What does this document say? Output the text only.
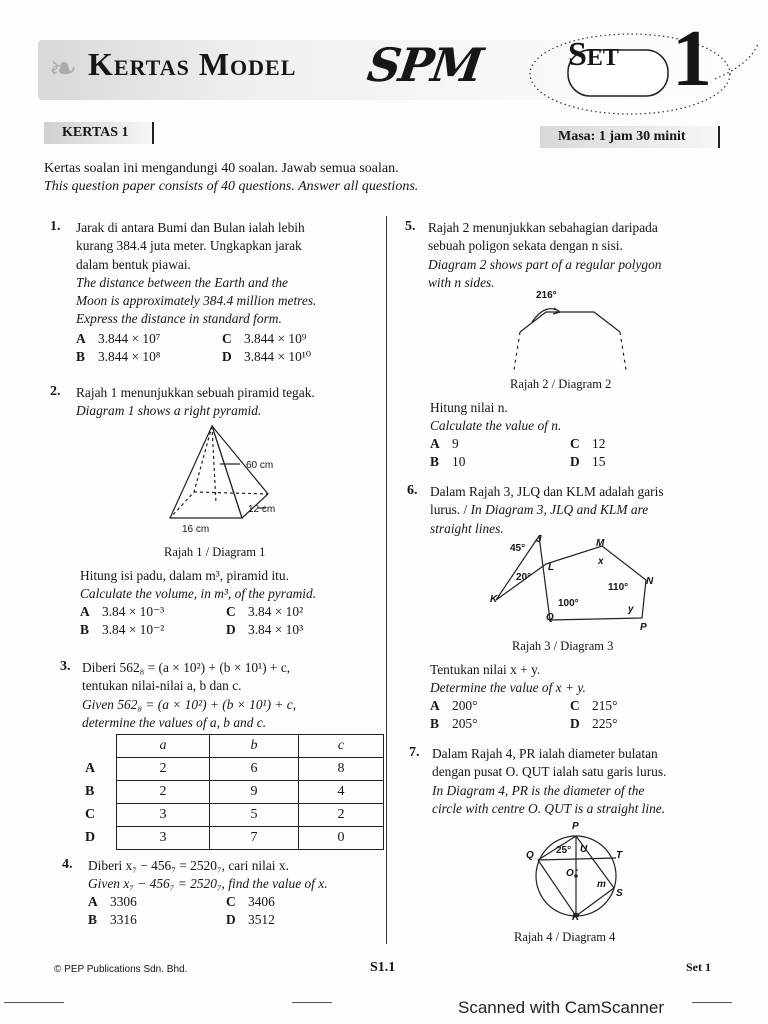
❧ Kertas Model SPM Set 1
KERTAS 1	Masa: 1 jam 30 minit
Kertas soalan ini mengandungi 40 soalan. Jawab semua soalan.
This question paper consists of 40 questions. Answer all questions.
1. Jarak di antara Bumi dan Bulan ialah lebih
kurang 384.4 juta meter. Ungkapkan jarak
dalam bentuk piawai.
The distance between the Earth and the
Moon is approximately 384.4 million metres.
Express the distance in standard form.
A 3.844 × 10⁷	C 3.844 × 10⁹
B 3.844 × 10⁸	D 3.844 × 10¹⁰
2. Rajah 1 menunjukkan sebuah piramid tegak.
Diagram 1 shows a right pyramid.
60 cm
12 cm
16 cm
Rajah 1 / Diagram 1
Hitung isi padu, dalam m³, piramid itu.
Calculate the volume, in m³, of the pyramid.
A 3.84 × 10⁻³	C 3.84 × 10²
B 3.84 × 10⁻²	D 3.84 × 10³
3. Diberi 562₈ = (a × 10²) + (b × 10¹) + c,
tentukan nilai-nilai a, b dan c.
Given 562₈ = (a × 10²) + (b × 10¹) + c,
determine the values of a, b and c.
	a	b	c
A	2	6	8
B	2	9	4
C	3	5	2
D	3	7	0
4. Diberi x₇ − 456₇ = 2520₇, cari nilai x.
Given x₇ − 456₇ = 2520₇, find the value of x.
A 3306	C 3406
B 3316	D 3512
5. Rajah 2 menunjukkan sebahagian daripada
sebuah poligon sekata dengan n sisi.
Diagram 2 shows part of a regular polygon
with n sides.
216°
Rajah 2 / Diagram 2
Hitung nilai n.
Calculate the value of n.
A 9	C 12
B 10	D 15
6. Dalam Rajah 3, JLQ dan KLM adalah garis
lurus. / In Diagram 3, JLQ and KLM are
straight lines.
J
45°	M
x
L
20°
110°
N
K	100°
y
Q
P
Rajah 3 / Diagram 3
Tentukan nilai x + y.
Determine the value of x + y.
A 200°	C 215°
B 205°	D 225°
7. Dalam Rajah 4, PR ialah diameter bulatan
dengan pusat O. QUT ialah satu garis lurus.
In Diagram 4, PR is the diameter of the
circle with centre O. QUT is a straight line.
P
25°
Q
U
T
O
m
S
R
Rajah 4 / Diagram 4
© PEP Publications Sdn. Bhd.	S1.1	Set 1
Scanned with CamScanner
